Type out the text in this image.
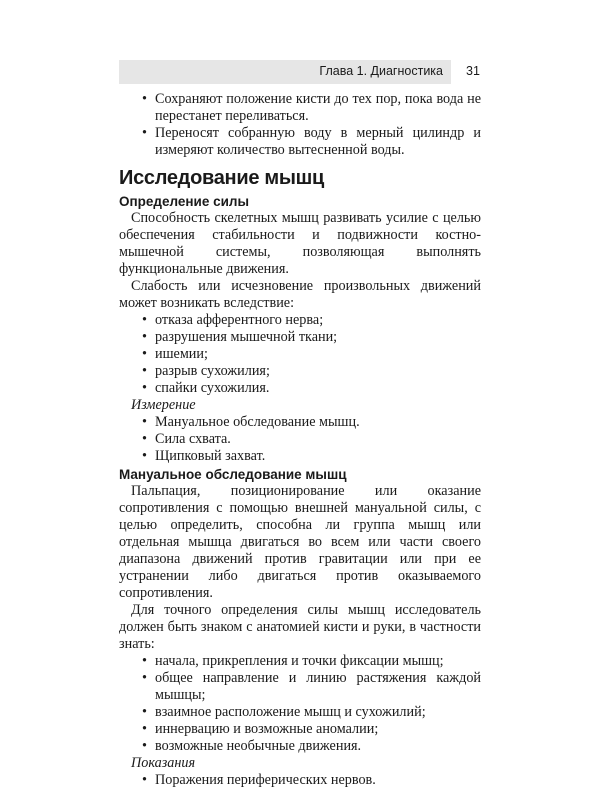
Глава 1. Диагностика 31
• Сохраняют положение кисти до тех пор, пока вода не перестанет переливаться.
• Переносят собранную воду в мерный цилиндр и измеряют количество вытесненной воды.
Исследование мышц
Определение силы

Способность скелетных мышц развивать усилие с целью обеспечения стабильности и подвижности костно-мышечной системы, позволяющая выполнять функциональные движения.

Слабость или исчезновение произвольных движений может возникать вследствие:

• отказа афферентного нерва;
• разрушения мышечной ткани;
• ишемии;
• разрыв сухожилия;
• спайки сухожилия.

Измерение

• Мануальное обследование мышц.
• Сила схвата.
• Щипковый захват.
Мануальное обследование мышц

Пальпация, позиционирование или оказание сопротивления с помощью внешней мануальной силы, с целью определить, способна ли группа мышц или отдельная мышца двигаться во всем или части своего диапазона движений против гравитации или при ее устранении либо двигаться против оказываемого сопротивления.

Для точного определения силы мышц исследователь должен быть знаком с анатомией кисти и руки, в частности знать:

• начала, прикрепления и точки фиксации мышц;
• общее направление и линию растяжения каждой мышцы;
• взаимное расположение мышц и сухожилий;
• иннервацию и возможные аномалии;
• возможные необычные движения.

Показания

• Поражения периферических нервов.
